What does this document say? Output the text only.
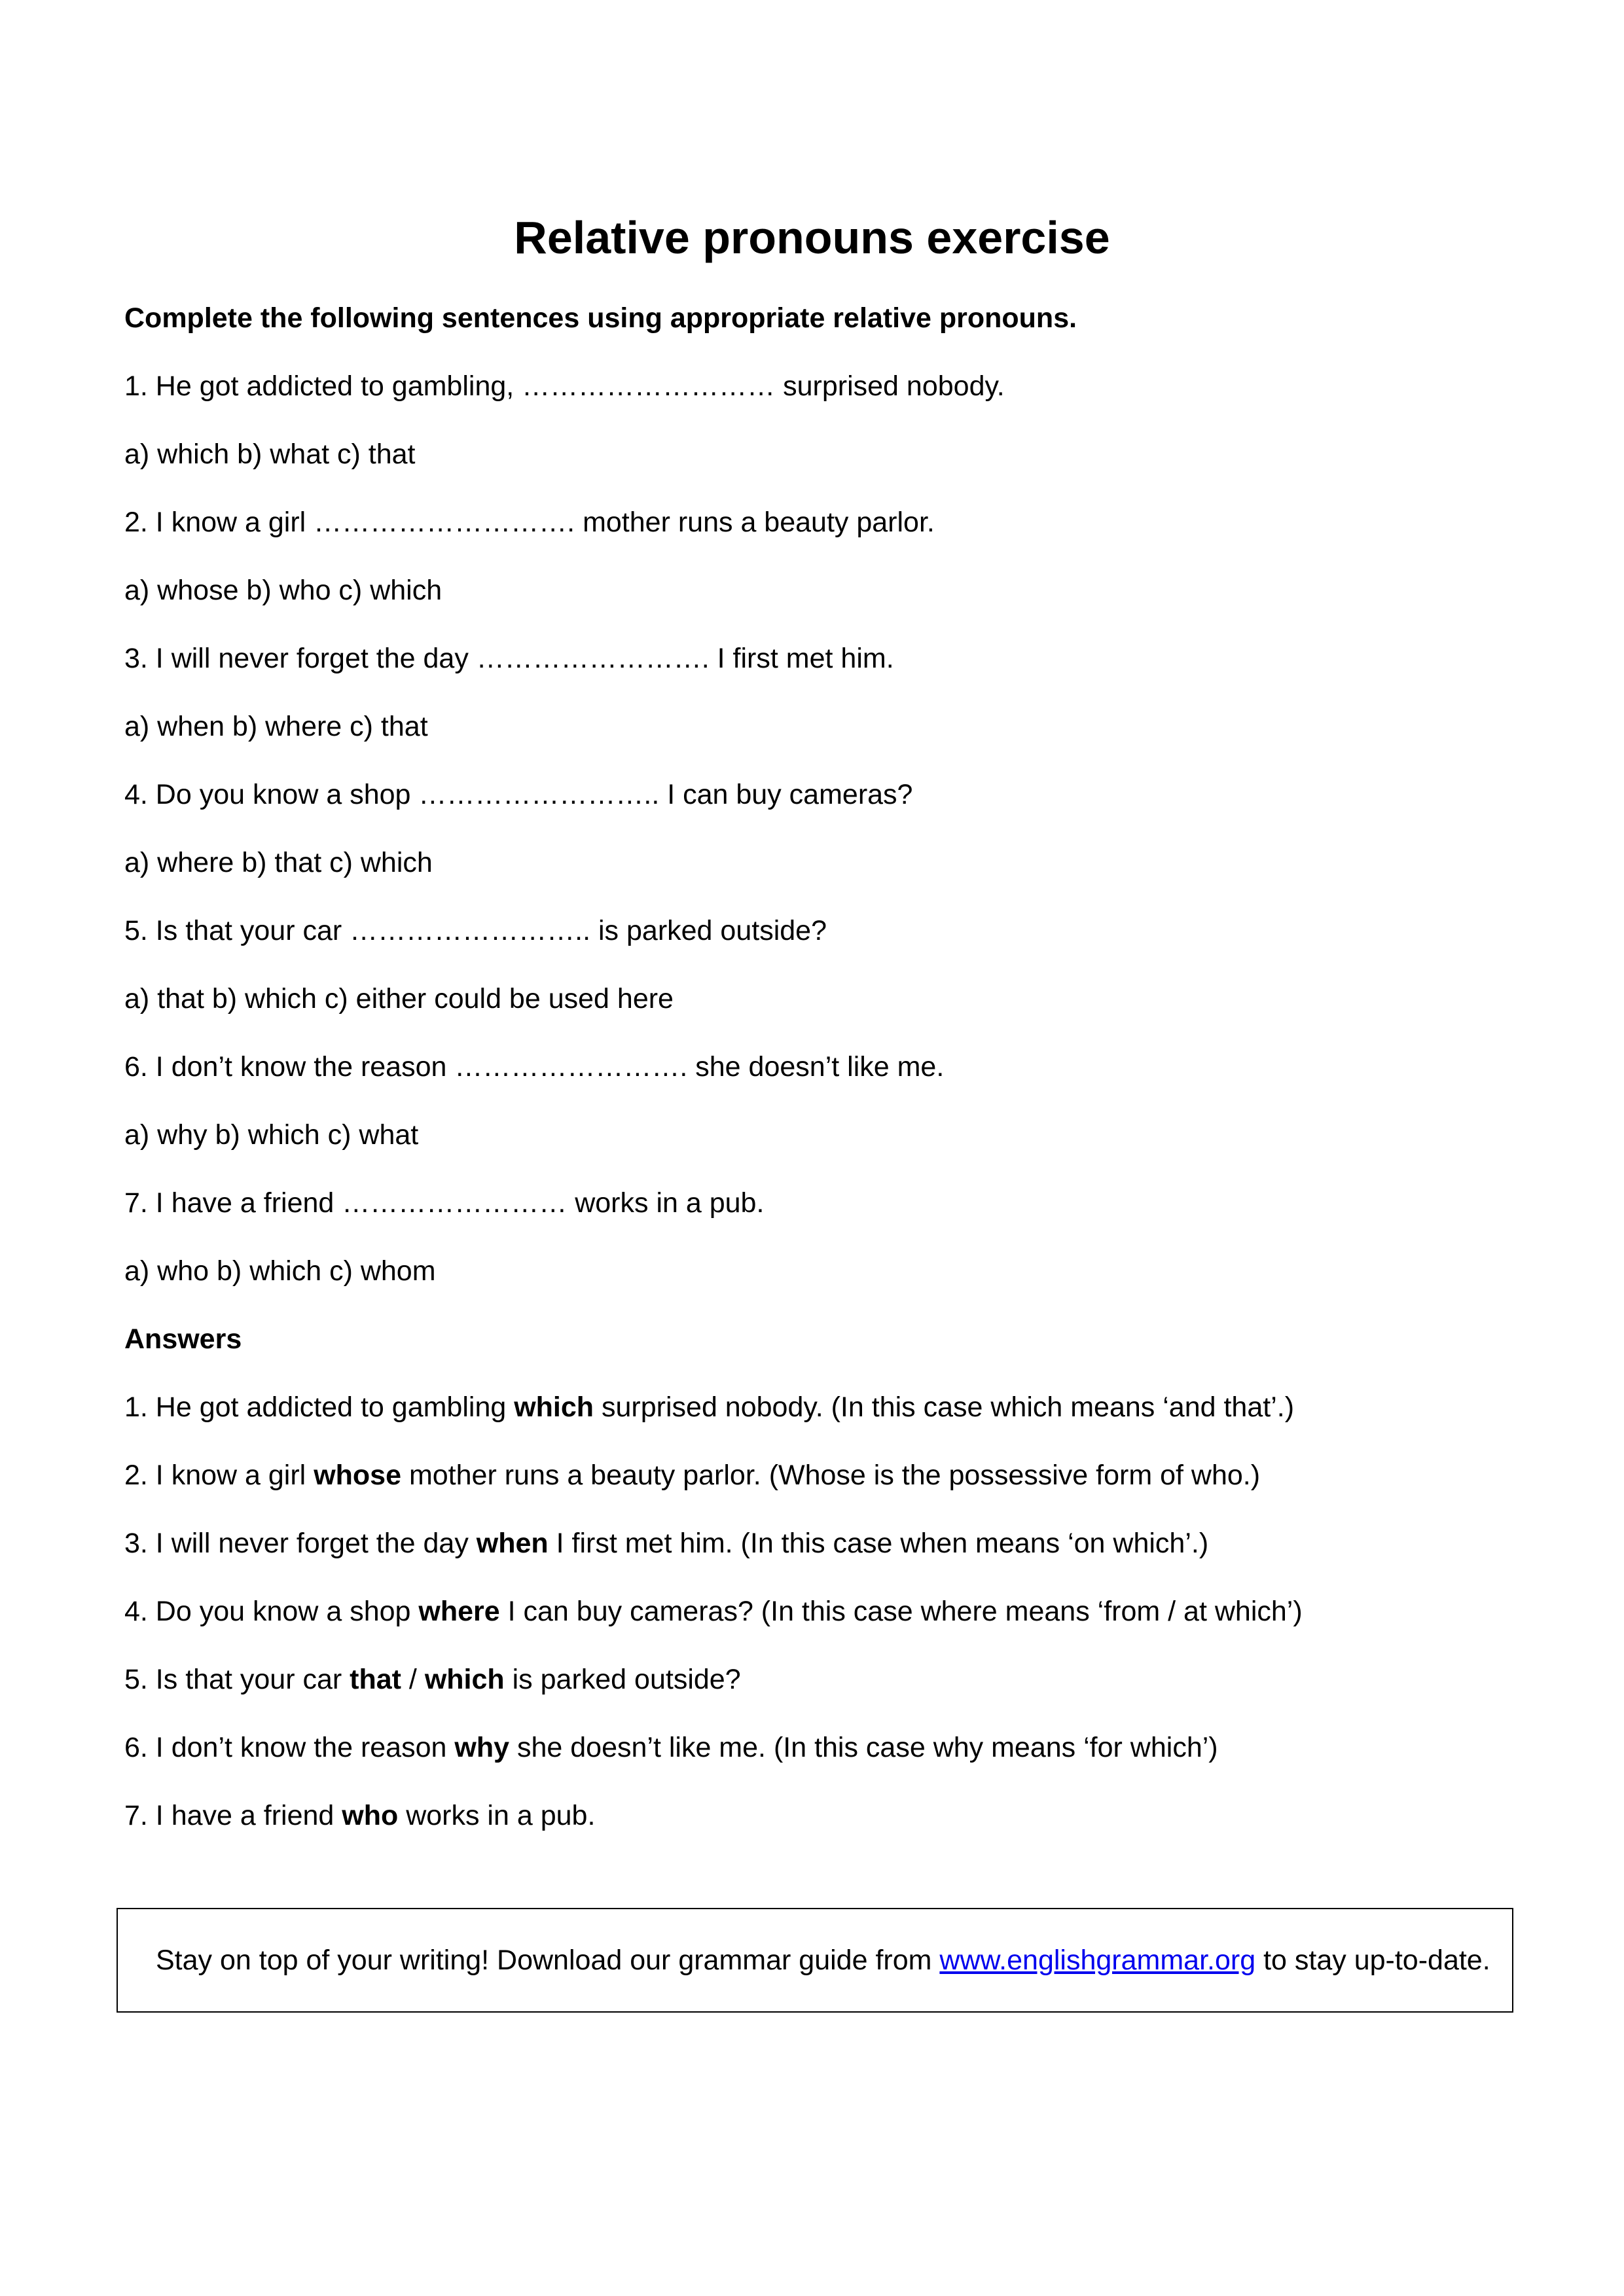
Relative pronouns exercise

Complete the following sentences using appropriate relative pronouns.

1. He got addicted to gambling, ……………………… surprised nobody.

a) which b) what c) that

2. I know a girl ………………………. mother runs a beauty parlor.

a) whose b) who c) which

3. I will never forget the day ……………………. I first met him.

a) when b) where c) that

4. Do you know a shop …………………….. I can buy cameras?

a) where b) that c) which

5. Is that your car …………………….. is parked outside?

a) that b) which c) either could be used here

6. I don’t know the reason ……………………. she doesn’t like me.

a) why b) which c) what

7. I have a friend …………………… works in a pub.

a) who b) which c) whom

Answers

1. He got addicted to gambling which surprised nobody. (In this case which means ‘and that’.)

2. I know a girl whose mother runs a beauty parlor. (Whose is the possessive form of who.)

3. I will never forget the day when I first met him. (In this case when means ‘on which’.)

4. Do you know a shop where I can buy cameras? (In this case where means ‘from / at which’)

5. Is that your car that / which is parked outside?

6. I don’t know the reason why she doesn’t like me. (In this case why means ‘for which’)

7. I have a friend who works in a pub.

Stay on top of your writing! Download our grammar guide from www.englishgrammar.org to stay up-to-date.
